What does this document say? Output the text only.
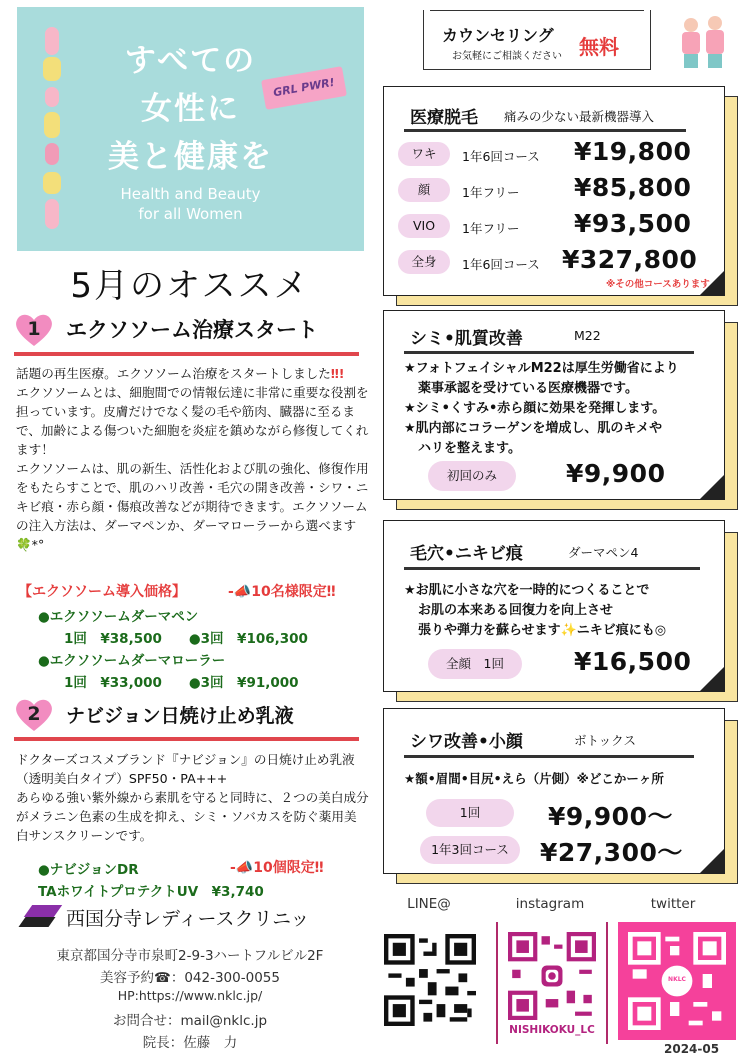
すべての
女性に
美と健康を
Health and Beauty
for all Women
GRL PWR!
5月のオススメ
1	エクソソーム治療スタート
話題の再生医療。エクソソーム治療をスタートしました‼!
エクソソームとは、細胞間での情報伝達に非常に重要な役割を担っています。皮膚だけでなく髪の毛や筋肉、臓器に至るまで、加齢による傷ついた細胞を炎症を鎮めながら修復してくれます！
エクソソームは、肌の新生、活性化および肌の強化、修復作用をもたらすことで、肌のハリ改善・毛穴の開き改善・シワ・ニキビ痕・赤ら顔・傷痕改善などが期待できます。エクソソームの注入方法は、ダーマペンか、ダーマローラーから選べます🍀*°
【エクソソーム導入価格】	-📣10名様限定‼
●エクソソームダーマペン
1回　¥38,500　　●3回　¥106,300
●エクソソームダーマローラー
1回　¥33,000　　●3回　¥91,000
2	ナビジョン日焼け止め乳液
ドクターズコスメブランド『ナビジョン』の日焼け止め乳液（透明美白タイプ）SPF50・PA+++
あらゆる強い紫外線から素肌を守ると同時に、２つの美白成分がメラニン色素の生成を抑え、シミ・ソバカスを防ぐ薬用美白サンスクリーンです。
●ナビジョンDR	-📣10個限定‼
TAホワイトプロテクトUV　¥3,740
西国分寺レディースクリニッ
東京都国分寺市泉町2-9-3ハートフルビル2F
美容予約☎：042-300-0055
HP:https://www.nklc.jp/
お問合せ：mail@nklc.jp
院長：佐藤　力
カウンセリング
お気軽にご相談ください 無料
医療脱毛 痛みの少ない最新機器導入
ワキ	1年6回コース ¥19,800
顔	1年フリー ¥85,800
VIO	1年フリー ¥93,500
全身	1年6回コース ¥327,800
※その他コースあります
シミ•肌質改善	M22
★フォトフェイシャルM22は厚生労働省により
薬事承認を受けている医療機器です。
★シミ•くすみ•赤ら顔に効果を発揮します。
★肌内部にコラーゲンを増成し、肌のキメや
ハリを整えます。
初回のみ	¥9,900
毛穴•ニキビ痕	ダーマペン4
★お肌に小さな穴を一時的につくることで
お肌の本来ある回復力を向上させ
張りや弾力を蘇らせます✨ニキビ痕にも◎
全顔　1回	¥16,500
シワ改善•小顔	ボトックス
★額•眉間•目尻•えら（片側）※どこかーヶ所
1回	¥9,900〜
1年3回コース	¥27,300〜
LINE@	instagram	twitter
NISHIKOKU_LC
NKLC
2024-05
